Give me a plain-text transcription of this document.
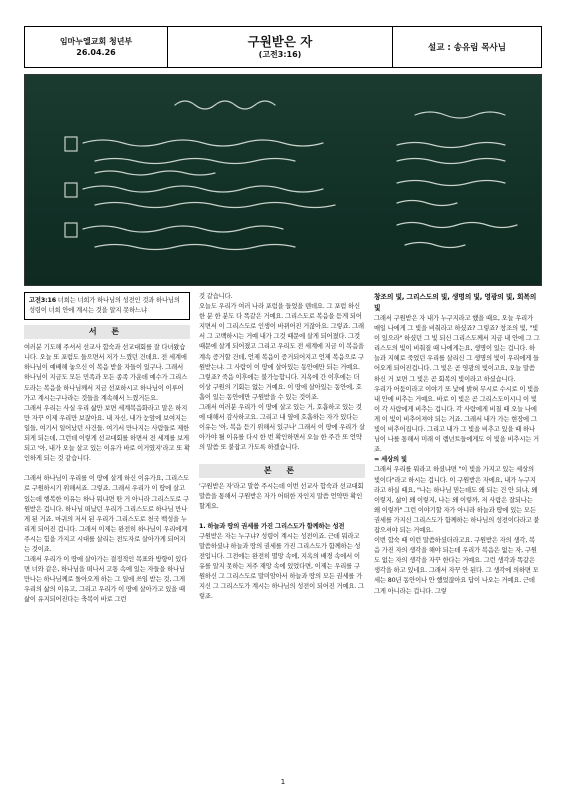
임마누엘교회 청년부
26.04.26
구원받은 자
(고전3:16)
설교 : 송유림 목사님
고전3:16 너희는 너희가 하나님의 성전인 것과 하나님의 성령이 너희 안에 계시는 것을 알지 못하느냐
서 론

여러분 기도해 주셔서 선교사 합숙과 선교대회를 잘 다녀왔습니다. 오늘 또 포럼도 들으면서 저가 느꼈던 건데요. 전 세계에 하나님이 예배해 놓으신 이 복음 받을 자들이 있구나. 그래서 하나님이 지금도 모든 민족과 모든 종족 가운데 예수가 그리스도라는 복음을 하나님께서 지금 선포하시고 하나님이 이루어 가고 계시는구나라는 것들을 계속해서 느꼈거든요.

그래서 우리는 사실 우리 삶만 보면 세계복음화라고 말은 하지만 자꾸 이제 우리만 보잖아요. 내 자신, 내가 눈앞에 보여지는 일들, 여기서 일어났던 사건들. 여기서 만나지는 사람들로 제한되게 되는데, 그런데 이렇게 선교대회를 하면서 전 세계를 보게 되고 '아, 내가 오늘 살고 있는 이유가 바로 이거였지'라고 또 확인하게 되는 것 같습니다.

그래서 하나님이 우리를 이 땅에 살게 하신 이유가요, 그리스도로 구원하시기 위해서죠. 그렇죠. 그래서 우리가 이 땅에 살고 있는데 행복한 이유는 하나 뭐냐면 딴 거 아니라 그리스도로 구원받은 겁니다. 하나님 떠났던 우리가 그리스도로 하나님 만나게 된 거죠. 마귀의 저서 된 우리가 그리스도로 천국 백성을 누리게 되어진 겁니다. 그래서 이제는 완전히 하나님이 우리에게 주시는 힘을 가지고 시대를 살리는 전도자로 살아가게 되어지는 것이죠.

그래서 우리가 이 땅에 살아가는 결정적인 목표와 방향이 있다면 너와 같은, 하나님을 떠나서 고통 속에 있는 자들을 하나님 만나는 하나님께로 돌아오게 하는 그 일에 쓰임 받는 것, 그게 우리의 삶의 이유고, 그리고 우리가 이 땅에 살아가고 있을 때 삶이 유지되어진다는 축복이 바로 그런

것 같습니다.

오늘도 우리가 여러 나라 포럼을 들었을 텐데요. 그 포럼 하신 한 분 한 분도 다 똑같은 거예요. 그리스도로 복음을 듣게 되어지면서 이 그리스도로 인생이 바뀌어진 거잖아요. 그렇죠. 그래서 그 고백하시는 거예 내가 그것 때문에 살게 되어졌다. 그것 때문에 살게 되어졌고 그리고 우리도 전 세계에 지금 이 복음을 계속 증거할 건데, 언제 복음이 증거되어지고 언제 복음으로 구원받는냐. 그 사람이 이 땅에 살아있는 동안에만 되는 거예요. 그렇죠? 죽음 이후에는 불가능합니다. 지옥에 간 이후에는 더 이상 구원의 기회는 없는 거예요. 이 땅에 살아있는 동안에, 호흡이 있는 동안에만 구원받을 수 있는 것이죠.

그래서 여러분 우리가 이 땅에 살고 있는 거, 호흡하고 있는 것에 대해서 감사하고요. 그리고 내 옆에 호흡하는 자가 있다는 이유는 '아, 복음 듣기 위해서 있구나' 그래서 이 땅에 우리가 살아가야 될 이유를 다시 한 번 확인하면서 오늘 한 주간 또 언약의 말씀 또 붙잡고 가도록 하겠습니다.

본 론

'구원받은 자'라고 말씀 주시는데 이번 선교사 합숙과 선교대회 말씀을 통해서 구원받은 자가 어떠한 자인지 말씀 언약만 확인할게요.

1. 하늘과 땅의 권세를 가진 그리스도가 함께하는 성전

구원받은 자는 누구냐? 성령이 계시는 성전이죠. 근데 뭐라고 말씀하셨냐 하늘과 땅의 권세를 가진 그리스도가 함께하는 성전입니다. 그전에는 완전히 멸망 속에, 지옥의 배경 속에서 이유를 알지 못하는 저주 재앙 속에 있었다면, 이제는 우리를 구원하신 그 그리스도로 말미암아서 하늘과 땅의 모든 권세를 가지신 그 그리스도가 계시는 하나님의 성전이 되어진 거예요. 그렇죠.

창조의 빛, 그리스도의 빛, 생명의 빛, 영광의 빛, 회복의 빛

그래서 구원받은 자 내가 누구지라고 했을 때요, 오늘 우리가 매일 나에게 그 빛을 비춰라고 하셨죠? 그렇죠? 창조의 빛, "빛이 있으라" 하셨던 그 빛 되신 그리스도께서 지금 내 안에 그 그리스도의 빛이 비춰질 때 나에게는요, 생명이 있는 겁니다. 하늘과 지혜로 죽었던 우리를 살리신 그 생명의 빛이 우리에게 들어오게 되어진겁니다. 그 빛은 곧 영광의 빛이고요, 오늘 말씀하신 거 보면 그 빛은 곧 회복의 빛이라고 하셨습니다.

우리가 어둠이라고 이야기 또 낯에 밝혀 무시로 수시로 이 빛을 내 안에 비추는 거예요. 바로 이 빛은 곧 그리스도이시니 이 빛이 각 사람에게 비추는 겁니다. 각 사람에게 비칠 때 오늘 나에게 이 빛이 비추어져야 되는 거죠. 그래서 내가 가는 현장에 그 빛이 비추어집니다. 그리고 내가 그 빛을 비추고 있을 때 하나님이 나를 통해서 미래 이 렘넌트들에게도 이 빛을 비추시는 거죠.

= 세상의 빛

그래서 우리를 뭐라고 하셨냐면 "이 빛을 가지고 있는 세상의 빛이다"라고 하시는 겁니다. 이 구원받은 자에요, 내가 누구지라고 하실 때요, "나는 하나님 믿는데도 왜 되는 건 안 되냐, 왜 이렇지, 삶이 왜 이렇지, 나는 왜 이렇까, 저 사람은 잘되나는 왜 이렇까" 그런 이야기할 자가 아니라 하늘과 땅에 있는 모든 권세를 가지신 그리스도가 함께하는 하나님의 성전이다라고 붙잡으셔야 되는 거예요.

이번 합숙 때 이런 말씀하셨더라고요. 구원받은 자의 생각, 복음 가진 자의 생각을 해야 되는데 우리가 복음은 없는 자, 구원도 없는 자의 생각을 자꾸 한다는 거예요. 그런 생각과 똑같은 생각을 하고 있네요. 그래서 자꾸 안 된다. 그 생각에 의하면 모세는 80년 동안이나 안 했었잖아요 답이 나오는 거예요. 근데 그게 아니라는 겁니다. 그렇

1
